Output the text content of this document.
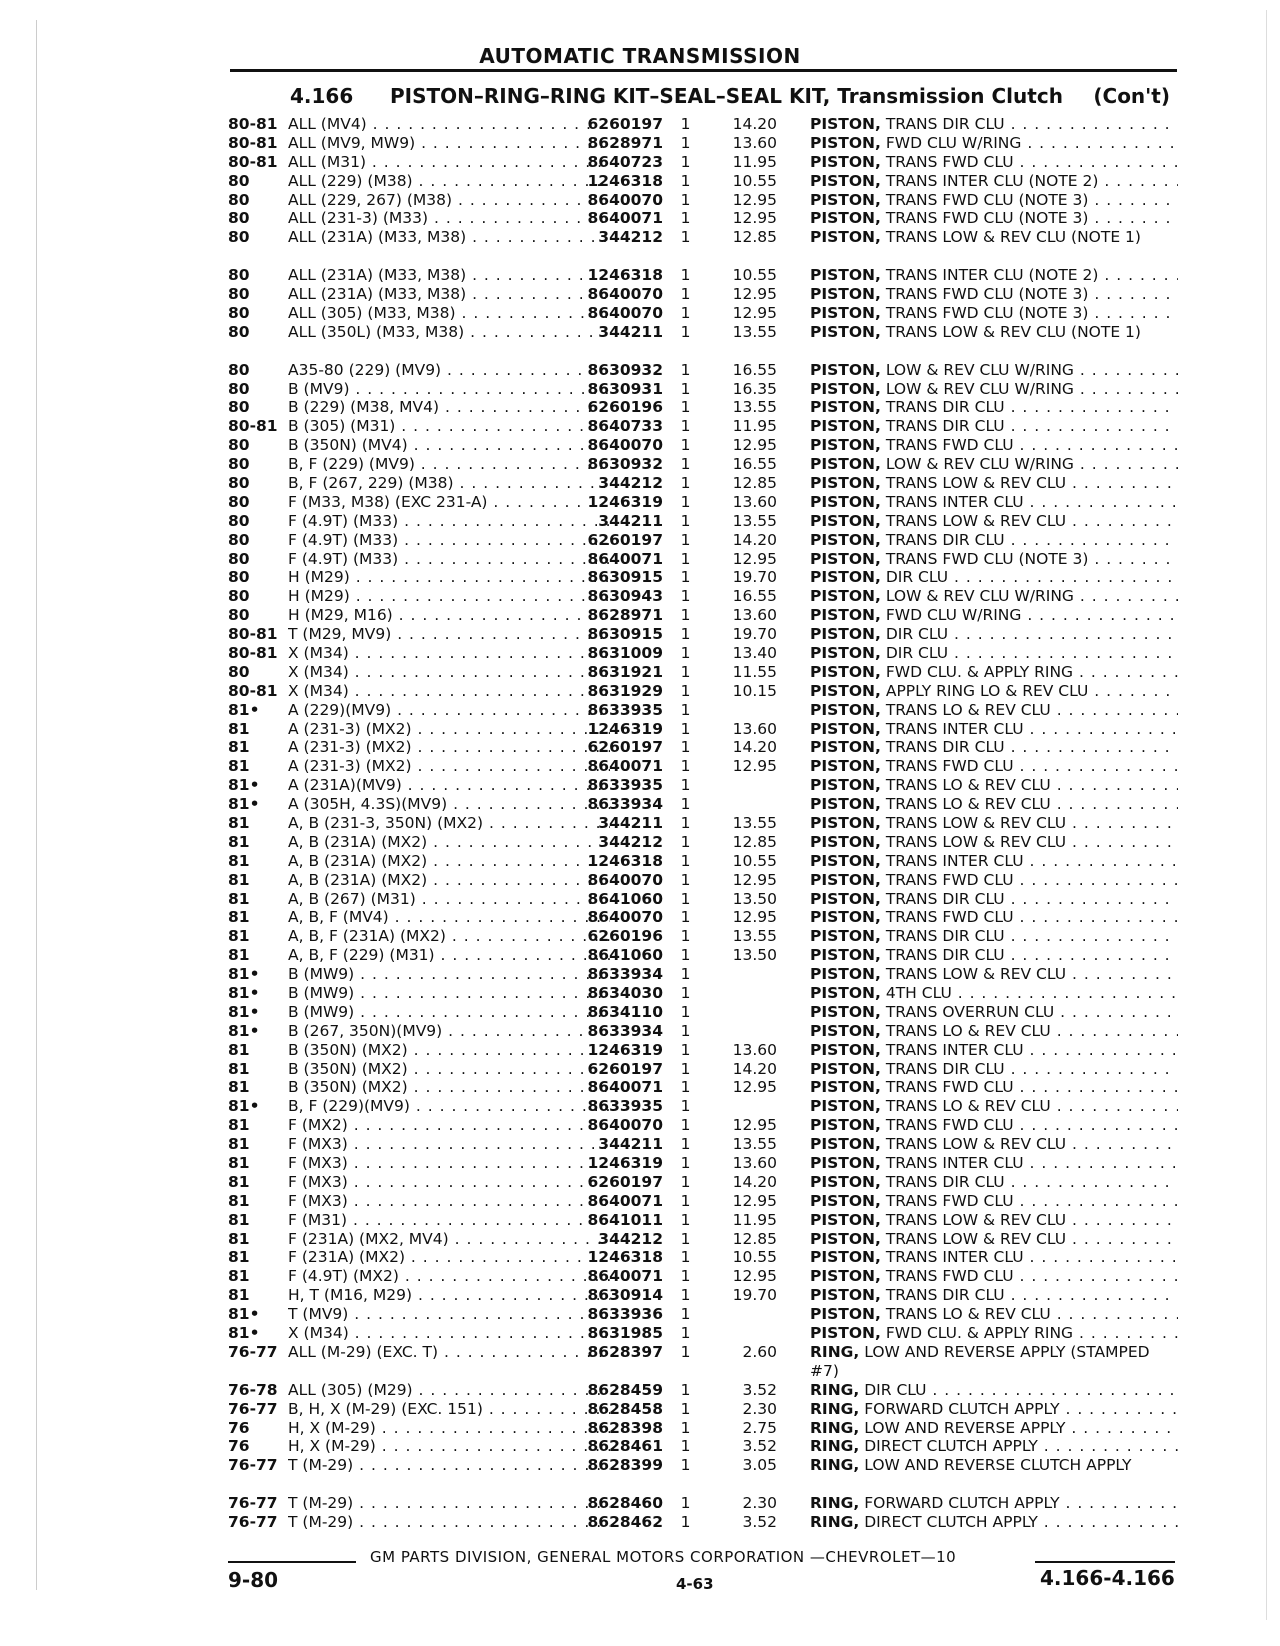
AUTOMATIC TRANSMISSION
4.166 PISTON–RING–RING KIT–SEAL–SEAL KIT, Transmission Clutch (Con't)
80-81 ALL (MV4) . . .	6260197 1	14.20 PISTON, TRANS DIR CLU . . .
80-81 ALL (MV9, MW9) . . .	8628971 1	13.60 PISTON, FWD CLU W/RING . . .
80-81 ALL (M31) . . .	8640723 1	11.95 PISTON, TRANS FWD CLU . . .
80	ALL (229) (M38) . . .	1246318 1	10.55 PISTON, TRANS INTER CLU (NOTE 2) . . .
80	ALL (229, 267) (M38) . . .	8640070 1	12.95 PISTON, TRANS FWD CLU (NOTE 3) . . .
80	ALL (231-3) (M33) . . .	8640071 1	12.95 PISTON, TRANS FWD CLU (NOTE 3) . . .
80	ALL (231A) (M33, M38) . . .	344212 1	12.85 PISTON, TRANS LOW & REV CLU (NOTE 1)
80	ALL (231A) (M33, M38) . . .	1246318 1	10.55 PISTON, TRANS INTER CLU (NOTE 2) . . .
80	ALL (231A) (M33, M38) . . .	8640070 1	12.95 PISTON, TRANS FWD CLU (NOTE 3) . . .
80	ALL (305) (M33, M38) . . .	8640070 1	12.95 PISTON, TRANS FWD CLU (NOTE 3) . . .
80	ALL (350L) (M33, M38) . . .	344211 1	13.55 PISTON, TRANS LOW & REV CLU (NOTE 1)
80	A35-80 (229) (MV9) . . .	8630932 1	16.55 PISTON, LOW & REV CLU W/RING . . .
80	B (MV9) . . .	8630931 1	16.35 PISTON, LOW & REV CLU W/RING . . .
80	B (229) (M38, MV4) . . .	6260196 1	13.55 PISTON, TRANS DIR CLU . . .
80-81 B (305) (M31) . . .	8640733 1	11.95 PISTON, TRANS DIR CLU . . .
80	B (350N) (MV4) . . .	8640070 1	12.95 PISTON, TRANS FWD CLU . . .
80	B, F (229) (MV9) . . .	8630932 1	16.55 PISTON, LOW & REV CLU W/RING . . .
80	B, F (267, 229) (M38) . . .	344212 1	12.85 PISTON, TRANS LOW & REV CLU . . .
80	F (M33, M38) (EXC 231-A) . . .	1246319 1	13.60 PISTON, TRANS INTER CLU . . .
80	F (4.9T) (M33) . . .	344211 1	13.55 PISTON, TRANS LOW & REV CLU . . .
80	F (4.9T) (M33) . . .	6260197 1	14.20 PISTON, TRANS DIR CLU . . .
80	F (4.9T) (M33) . . .	8640071 1	12.95 PISTON, TRANS FWD CLU (NOTE 3) . . .
80	H (M29) . . .	8630915 1	19.70 PISTON, DIR CLU . . .
80	H (M29) . . .	8630943 1	16.55 PISTON, LOW & REV CLU W/RING . . .
80	H (M29, M16) . . .	8628971 1	13.60 PISTON, FWD CLU W/RING . . .
80-81 T (M29, MV9) . . .	8630915 1	19.70 PISTON, DIR CLU . . .
80-81 X (M34) . . .	8631009 1	13.40 PISTON, DIR CLU . . .
80	X (M34) . . .	8631921 1	11.55 PISTON, FWD CLU. & APPLY RING . . .
80-81 X (M34) . . .	8631929 1	10.15 PISTON, APPLY RING LO & REV CLU . . .
81•	A (229)(MV9) . . .	8633935 1	PISTON, TRANS LO & REV CLU . . .
81	A (231-3) (MX2) . . .	1246319 1	13.60 PISTON, TRANS INTER CLU . . .
81	A (231-3) (MX2) . . .	6260197 1	14.20 PISTON, TRANS DIR CLU . . .
81	A (231-3) (MX2) . . .	8640071 1	12.95 PISTON, TRANS FWD CLU . . .
81•	A (231A)(MV9) . . .	8633935 1	PISTON, TRANS LO & REV CLU . . .
81•	A (305H, 4.3S)(MV9) . . .	8633934 1	PISTON, TRANS LO & REV CLU . . .
81	A, B (231-3, 350N) (MX2) . . .	344211 1	13.55 PISTON, TRANS LOW & REV CLU . . .
81	A, B (231A) (MX2) . . .	344212 1	12.85 PISTON, TRANS LOW & REV CLU . . .
81	A, B (231A) (MX2) . . .	1246318 1	10.55 PISTON, TRANS INTER CLU . . .
81	A, B (231A) (MX2) . . .	8640070 1	12.95 PISTON, TRANS FWD CLU . . .
81	A, B (267) (M31) . . .	8641060 1	13.50 PISTON, TRANS DIR CLU . . .
81	A, B, F (MV4) . . .	8640070 1	12.95 PISTON, TRANS FWD CLU . . .
81	A, B, F (231A) (MX2) . . .	6260196 1	13.55 PISTON, TRANS DIR CLU . . .
81	A, B, F (229) (M31) . . .	8641060 1	13.50 PISTON, TRANS DIR CLU . . .
81•	B (MW9) . . .	8633934 1	PISTON, TRANS LOW & REV CLU . . .
81•	B (MW9) . . .	8634030 1	PISTON, 4TH CLU . . .
81•	B (MW9) . . .	8634110 1	PISTON, TRANS OVERRUN CLU . . .
81•	B (267, 350N)(MV9) . . .	8633934 1	PISTON, TRANS LO & REV CLU . . .
81	B (350N) (MX2) . . .	1246319 1	13.60 PISTON, TRANS INTER CLU . . .
81	B (350N) (MX2) . . .	6260197 1	14.20 PISTON, TRANS DIR CLU . . .
81	B (350N) (MX2) . . .	8640071 1	12.95 PISTON, TRANS FWD CLU . . .
81•	B, F (229)(MV9) . . .	8633935 1	PISTON, TRANS LO & REV CLU . . .
81	F (MX2) . . .	8640070 1	12.95 PISTON, TRANS FWD CLU . . .
81	F (MX3) . . .	344211 1	13.55 PISTON, TRANS LOW & REV CLU . . .
81	F (MX3) . . .	1246319 1	13.60 PISTON, TRANS INTER CLU . . .
81	F (MX3) . . .	6260197 1	14.20 PISTON, TRANS DIR CLU . . .
81	F (MX3) . . .	8640071 1	12.95 PISTON, TRANS FWD CLU . . .
81	F (M31) . . .	8641011 1	11.95 PISTON, TRANS LOW & REV CLU . . .
81	F (231A) (MX2, MV4) . . .	344212 1	12.85 PISTON, TRANS LOW & REV CLU . . .
81	F (231A) (MX2) . . .	1246318 1	10.55 PISTON, TRANS INTER CLU . . .
81	F (4.9T) (MX2) . . .	8640071 1	12.95 PISTON, TRANS FWD CLU . . .
81	H, T (M16, M29) . . .	8630914 1	19.70 PISTON, TRANS DIR CLU . . .
81•	T (MV9) . . .	8633936 1	PISTON, TRANS LO & REV CLU . . .
81•	X (M34) . . .	8631985 1	PISTON, FWD CLU. & APPLY RING . . .
76-77 ALL (M-29) (EXC. T) . . .	8628397 1	2.60 RING, LOW AND REVERSE APPLY (STAMPED #7)
76-78 ALL (305) (M29) . . .	8628459 1	3.52 RING, DIR CLU . . .
76-77 B, H, X (M-29) (EXC. 151) . . .	8628458 1	2.30 RING, FORWARD CLUTCH APPLY . . .
76	H, X (M-29) . . .	8628398 1	2.75 RING, LOW AND REVERSE APPLY . . .
76	H, X (M-29) . . .	8628461 1	3.52 RING, DIRECT CLUTCH APPLY . . .
76-77 T (M-29) . . .	8628399 1	3.05 RING, LOW AND REVERSE CLUTCH APPLY
76-77 T (M-29) . . .	8628460 1	2.30 RING, FORWARD CLUTCH APPLY . . .
76-77 T (M-29) . . .	8628462 1	3.52 RING, DIRECT CLUTCH APPLY . . .
GM PARTS DIVISION, GENERAL MOTORS CORPORATION —CHEVROLET—10
9-80	4-63	4.166-4.166
